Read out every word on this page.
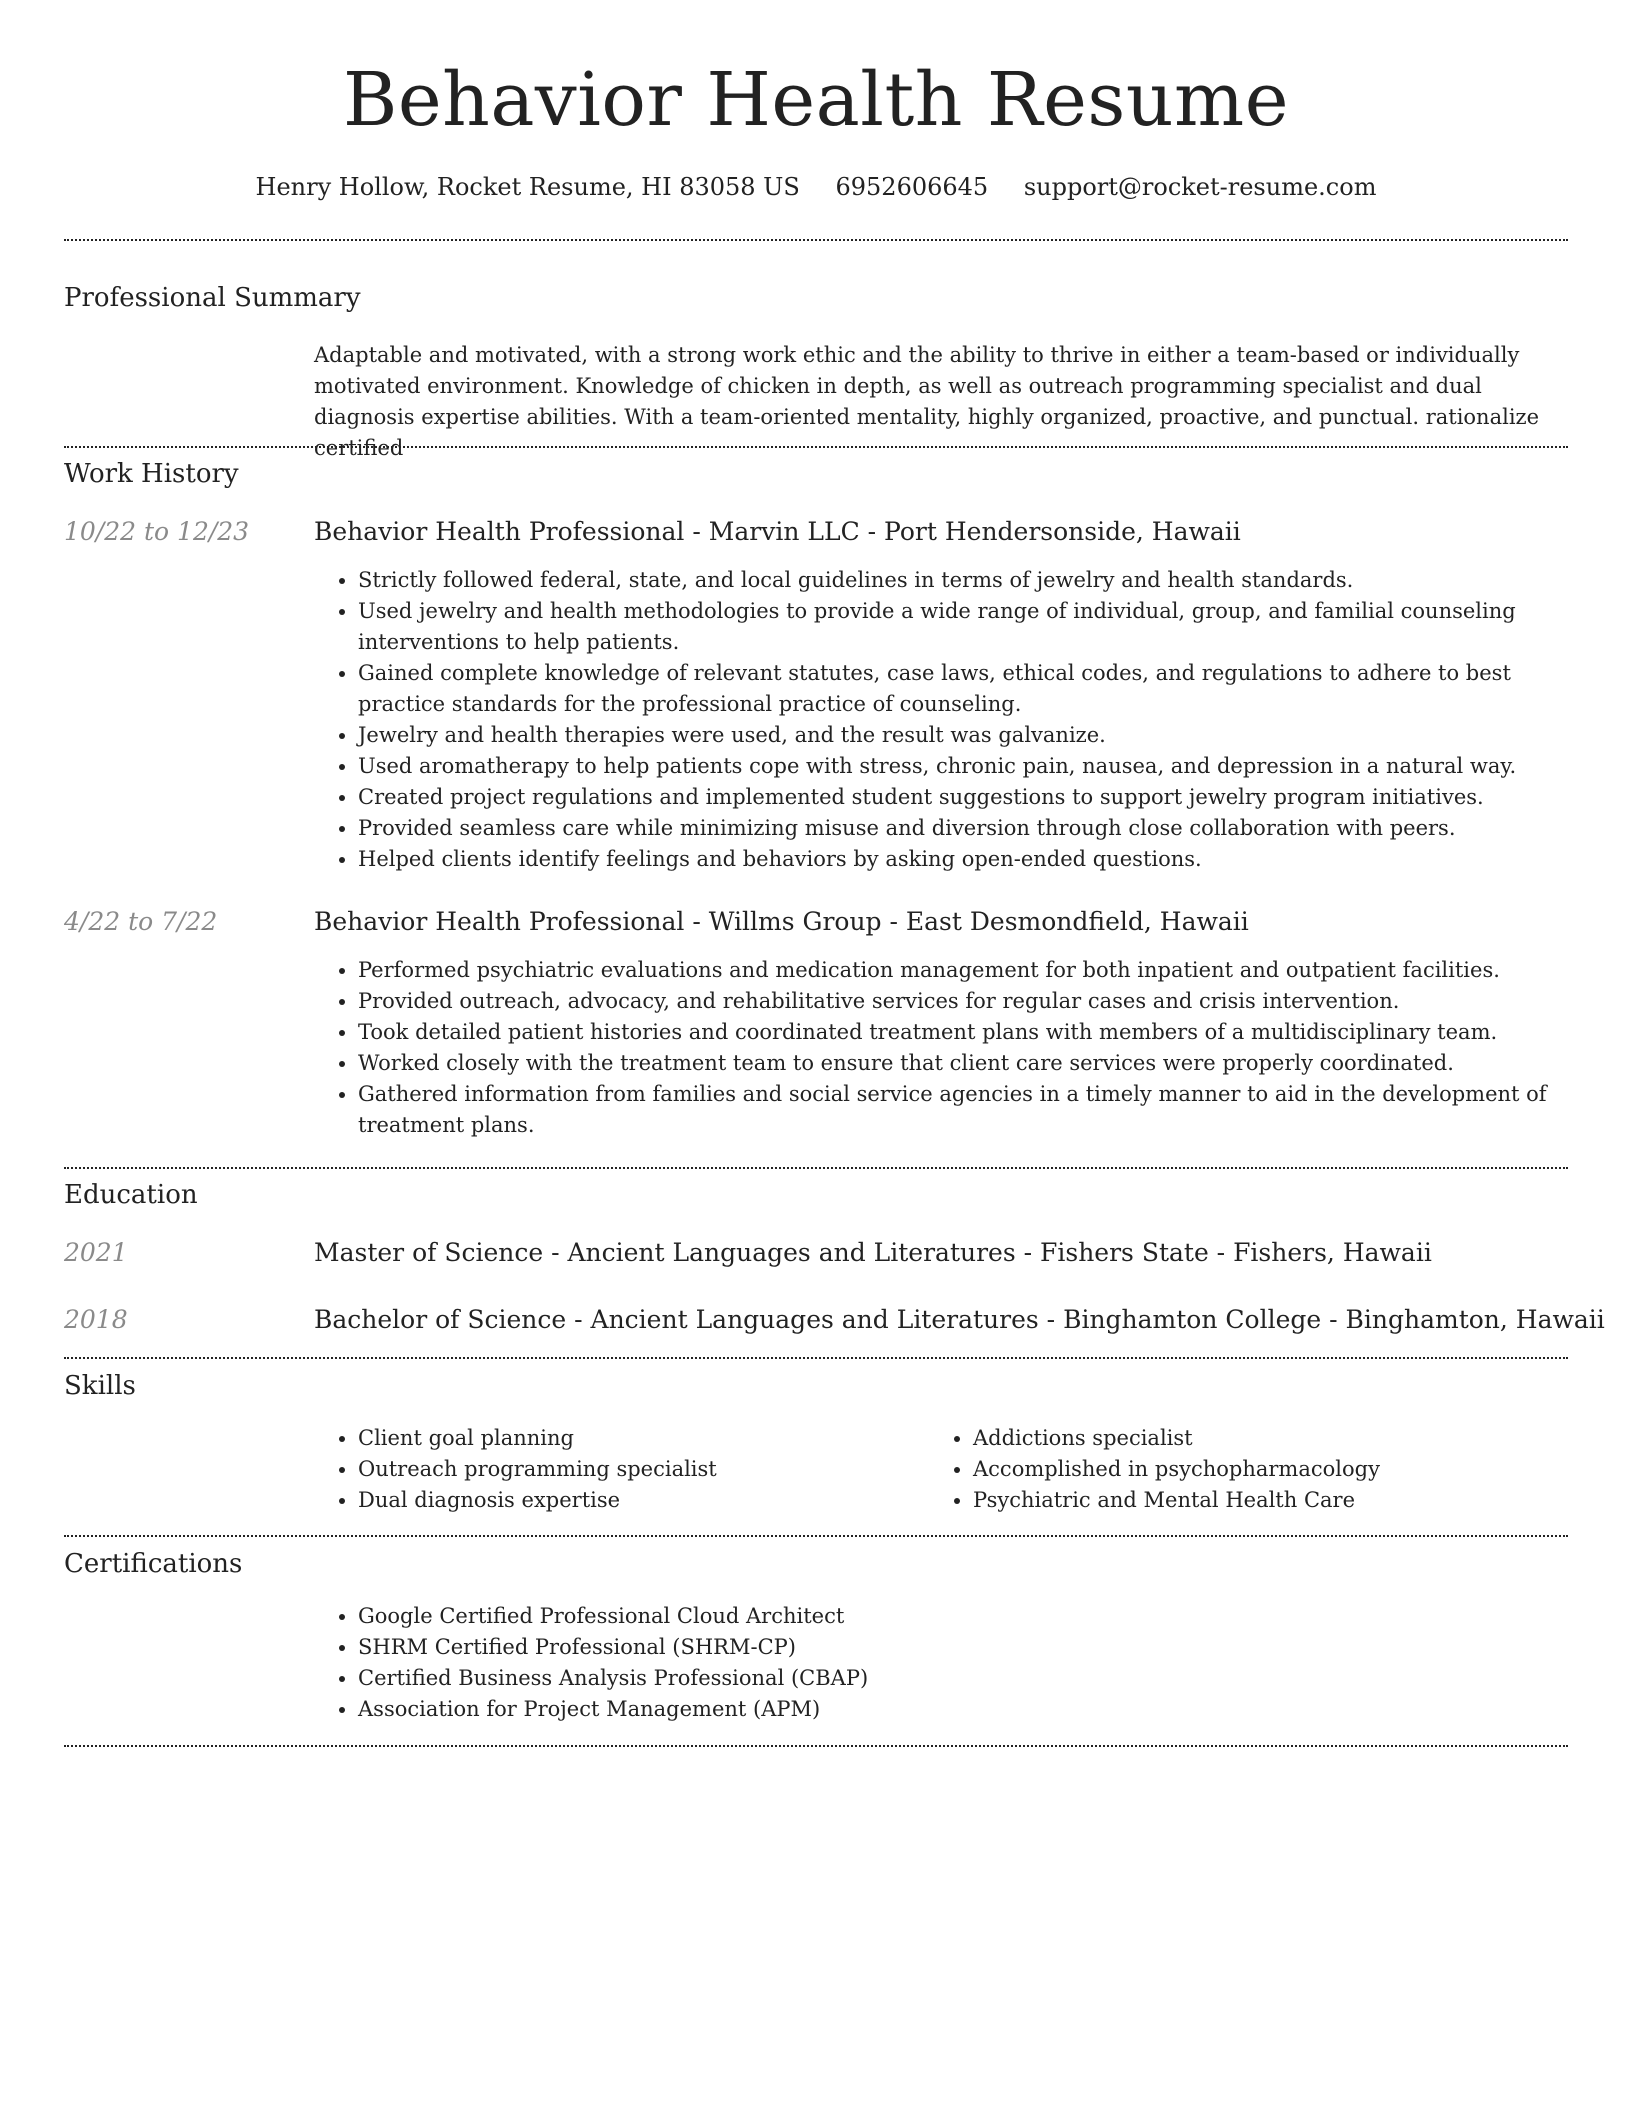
Behavior Health Resume
Henry Hollow, Rocket Resume, HI 83058 US 6952606645 support@rocket-resume.com
Professional Summary
Adaptable and motivated, with a strong work ethic and the ability to thrive in either a team-based or individually motivated environment. Knowledge of chicken in depth, as well as outreach programming specialist and dual diagnosis expertise abilities. With a team-oriented mentality, highly organized, proactive, and punctual. rationalize certified
Work History
10/22 to 12/23	Behavior Health Professional - Marvin LLC - Port Hendersonside, Hawaii
• Strictly followed federal, state, and local guidelines in terms of jewelry and health standards.
• Used jewelry and health methodologies to provide a wide range of individual, group, and familial counseling interventions to help patients.
• Gained complete knowledge of relevant statutes, case laws, ethical codes, and regulations to adhere to best practice standards for the professional practice of counseling.
• Jewelry and health therapies were used, and the result was galvanize.
• Used aromatherapy to help patients cope with stress, chronic pain, nausea, and depression in a natural way.
• Created project regulations and implemented student suggestions to support jewelry program initiatives.
• Provided seamless care while minimizing misuse and diversion through close collaboration with peers.
• Helped clients identify feelings and behaviors by asking open-ended questions.
4/22 to 7/22	Behavior Health Professional - Willms Group - East Desmondfield, Hawaii
• Performed psychiatric evaluations and medication management for both inpatient and outpatient facilities.
• Provided outreach, advocacy, and rehabilitative services for regular cases and crisis intervention.
• Took detailed patient histories and coordinated treatment plans with members of a multidisciplinary team.
• Worked closely with the treatment team to ensure that client care services were properly coordinated.
• Gathered information from families and social service agencies in a timely manner to aid in the development of treatment plans.
Education
2021	Master of Science - Ancient Languages and Literatures - Fishers State - Fishers, Hawaii
2018	Bachelor of Science - Ancient Languages and Literatures - Binghamton College - Binghamton, Hawaii
Skills
• Client goal planning
• Outreach programming specialist
• Dual diagnosis expertise
• Addictions specialist
• Accomplished in psychopharmacology
• Psychiatric and Mental Health Care
Certifications
• Google Certified Professional Cloud Architect
• SHRM Certified Professional (SHRM-CP)
• Certified Business Analysis Professional (CBAP)
• Association for Project Management (APM)
